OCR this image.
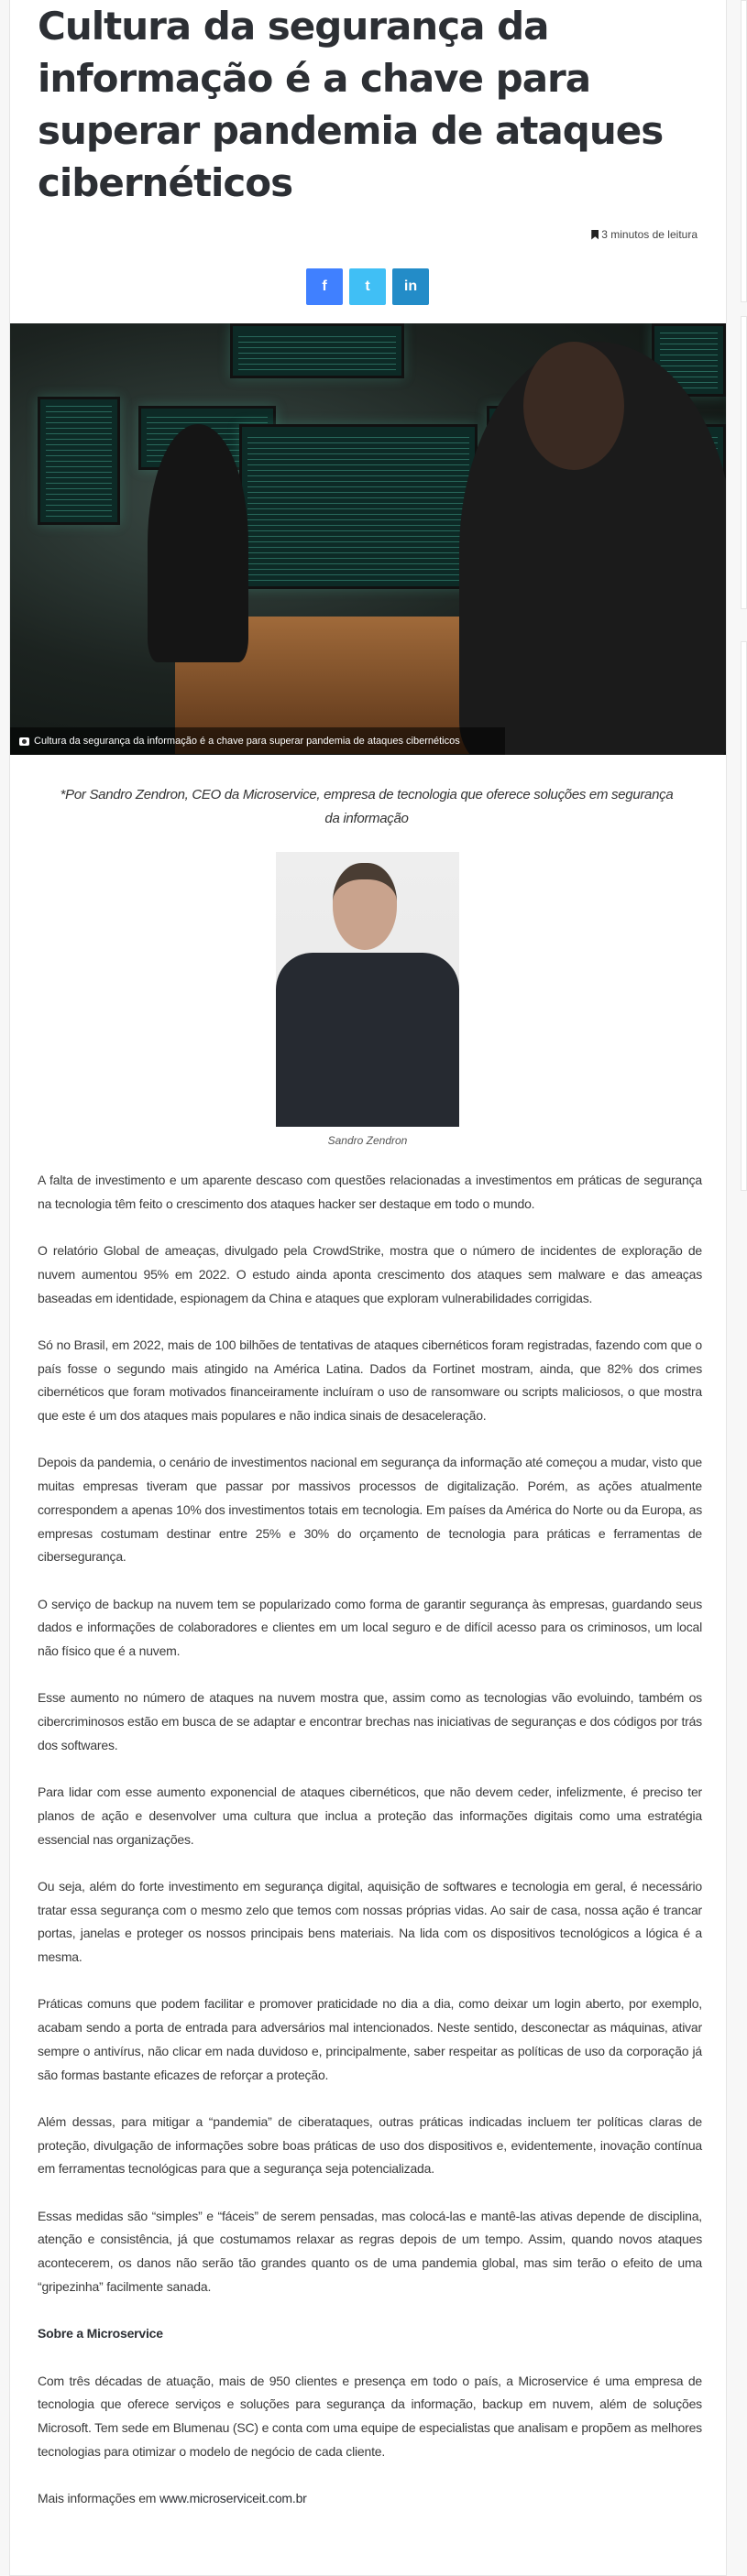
Cultura da segurança da informação é a chave para superar pandemia de ataques cibernéticos
3 minutos de leitura
f	t in
Cultura da segurança da informação é a chave para superar pandemia de ataques cibernéticos

*Por Sandro Zendron, CEO da Microservice, empresa de tecnologia que oferece soluções em segurança da informação

Sandro Zendron

A falta de investimento e um aparente descaso com questões relacionadas a investimentos em práticas de segurança na tecnologia têm feito o crescimento dos ataques hacker ser destaque em todo o mundo.

O relatório Global de ameaças, divulgado pela CrowdStrike, mostra que o número de incidentes de exploração de nuvem aumentou 95% em 2022. O estudo ainda aponta crescimento dos ataques sem malware e das ameaças baseadas em identidade, espionagem da China e ataques que exploram vulnerabilidades corrigidas.

Só no Brasil, em 2022, mais de 100 bilhões de tentativas de ataques cibernéticos foram registradas, fazendo com que o país fosse o segundo mais atingido na América Latina. Dados da Fortinet mostram, ainda, que 82% dos crimes cibernéticos que foram motivados financeiramente incluíram o uso de ransomware ou scripts maliciosos, o que mostra que este é um dos ataques mais populares e não indica sinais de desaceleração.

Depois da pandemia, o cenário de investimentos nacional em segurança da informação até começou a mudar, visto que muitas empresas tiveram que passar por massivos processos de digitalização. Porém, as ações atualmente correspondem a apenas 10% dos investimentos totais em tecnologia. Em países da América do Norte ou da Europa, as empresas costumam destinar entre 25% e 30% do orçamento de tecnologia para práticas e ferramentas de cibersegurança.

O serviço de backup na nuvem tem se popularizado como forma de garantir segurança às empresas, guardando seus dados e informações de colaboradores e clientes em um local seguro e de difícil acesso para os criminosos, um local não físico que é a nuvem.

Esse aumento no número de ataques na nuvem mostra que, assim como as tecnologias vão evoluindo, também os cibercriminosos estão em busca de se adaptar e encontrar brechas nas iniciativas de seguranças e dos códigos por trás dos softwares.

Para lidar com esse aumento exponencial de ataques cibernéticos, que não devem ceder, infelizmente, é preciso ter planos de ação e desenvolver uma cultura que inclua a proteção das informações digitais como uma estratégia essencial nas organizações.

Ou seja, além do forte investimento em segurança digital, aquisição de softwares e tecnologia em geral, é necessário tratar essa segurança com o mesmo zelo que temos com nossas próprias vidas. Ao sair de casa, nossa ação é trancar portas, janelas e proteger os nossos principais bens materiais. Na lida com os dispositivos tecnológicos a lógica é a mesma.

Práticas comuns que podem facilitar e promover praticidade no dia a dia, como deixar um login aberto, por exemplo, acabam sendo a porta de entrada para adversários mal intencionados. Neste sentido, desconectar as máquinas, ativar sempre o antivírus, não clicar em nada duvidoso e, principalmente, saber respeitar as políticas de uso da corporação já são formas bastante eficazes de reforçar a proteção.

Além dessas, para mitigar a “pandemia” de ciberataques, outras práticas indicadas incluem ter políticas claras de proteção, divulgação de informações sobre boas práticas de uso dos dispositivos e, evidentemente, inovação contínua em ferramentas tecnológicas para que a segurança seja potencializada.

Essas medidas são “simples” e “fáceis” de serem pensadas, mas colocá-las e mantê-las ativas depende de disciplina, atenção e consistência, já que costumamos relaxar as regras depois de um tempo. Assim, quando novos ataques acontecerem, os danos não serão tão grandes quanto os de uma pandemia global, mas sim terão o efeito de uma “gripezinha” facilmente sanada.

Sobre a Microservice

Com três décadas de atuação, mais de 950 clientes e presença em todo o país, a Microservice é uma empresa de tecnologia que oferece serviços e soluções para segurança da informação, backup em nuvem, além de soluções Microsoft. Tem sede em Blumenau (SC) e conta com uma equipe de especialistas que analisam e propõem as melhores tecnologias para otimizar o modelo de negócio de cada cliente.

Mais informações em www.microserviceit.com.br
